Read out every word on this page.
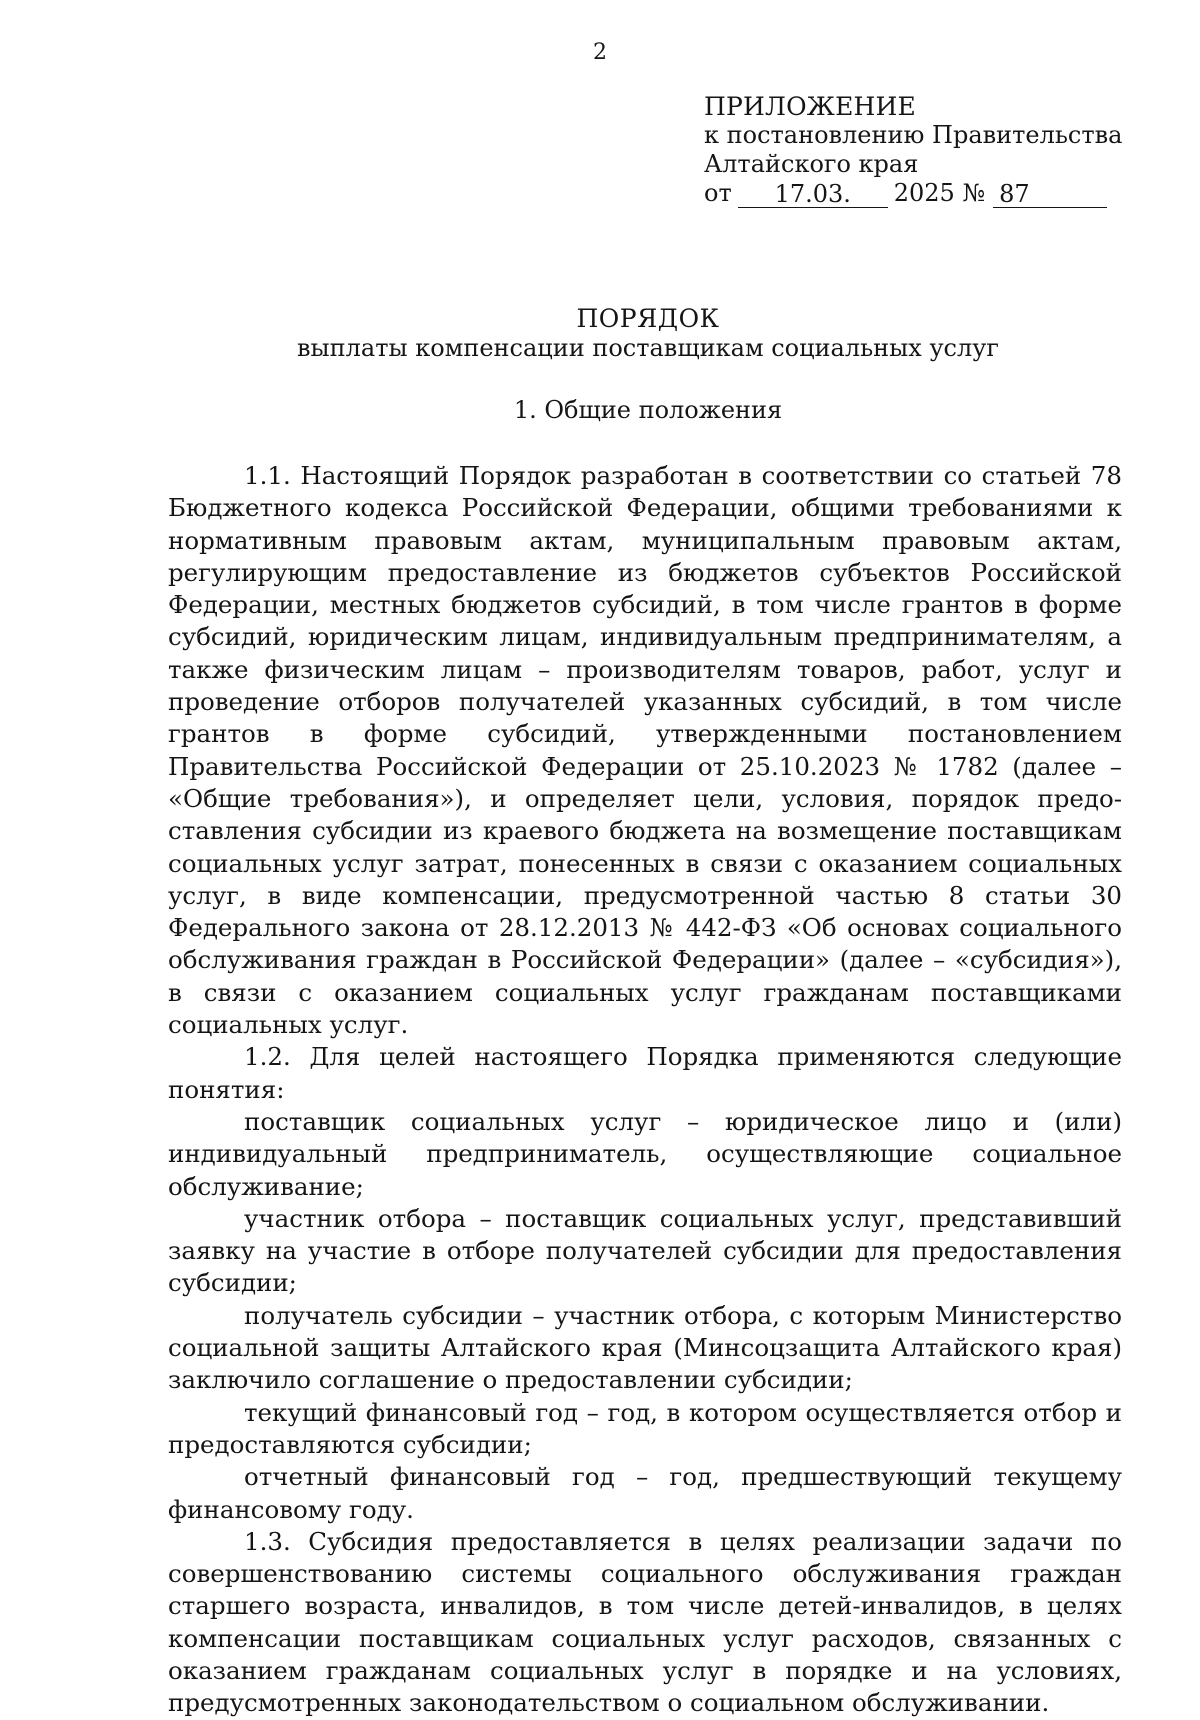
2
ПРИЛОЖЕНИЕ
к постановлению Правительства
Алтайского края
от	17.03.	2025 № 87
ПОРЯДОК
выплаты компенсации поставщикам социальных услуг
1. Общие положения

1.1. Настоящий Порядок разработан в соответствии со статьей 78 Бюджетного кодекса Российской Федерации, общими требованиями к нормативным правовым актам, муниципальным правовым актам, регулирующим предоставление из бюджетов субъектов Российской Федерации, местных бюджетов субсидий, в том числе грантов в форме субсидий, юридическим лицам, индивидуальным предпринимателям, а также физическим лицам – производителям товаров, работ, услуг и проведение отборов получателей указанных субсидий, в том числе грантов в форме субсидий, утвержденными постановлением Правительства Российской Федерации от 25.10.2023 № 1782 (далее – «Общие требования»), и определяет цели, условия, порядок предоставления субсидии из краевого бюджета на возмещение поставщикам социальных услуг затрат, понесенных в связи с оказанием социальных услуг, в виде компенсации, предусмотренной частью 8 статьи 30 Федерального закона от 28.12.2013 № 442-ФЗ «Об основах социального обслуживания граждан в Российской Федерации» (далее – «субсидия»), в связи с оказанием социальных услуг гражданам поставщиками социальных услуг.

1.2. Для целей настоящего Порядка применяются следующие понятия:

поставщик социальных услуг – юридическое лицо и (или) индивидуальный предприниматель, осуществляющие социальное обслуживание;

участник отбора – поставщик социальных услуг, представивший заявку на участие в отборе получателей субсидии для предоставления субсидии;

получатель субсидии – участник отбора, с которым Министерство социальной защиты Алтайского края (Минсоцзащита Алтайского края) заключило соглашение о предоставлении субсидии;

текущий финансовый год – год, в котором осуществляется отбор и предоставляются субсидии;

отчетный финансовый год – год, предшествующий текущему финансовому году.

1.3. Субсидия предоставляется в целях реализации задачи по совершенствованию системы социального обслуживания граждан старшего возраста, инвалидов, в том числе детей-инвалидов, в целях компенсации поставщикам социальных услуг расходов, связанных с оказанием гражданам социальных услуг в порядке и на условиях, предусмотренных законодательством о социальном обслуживании.
